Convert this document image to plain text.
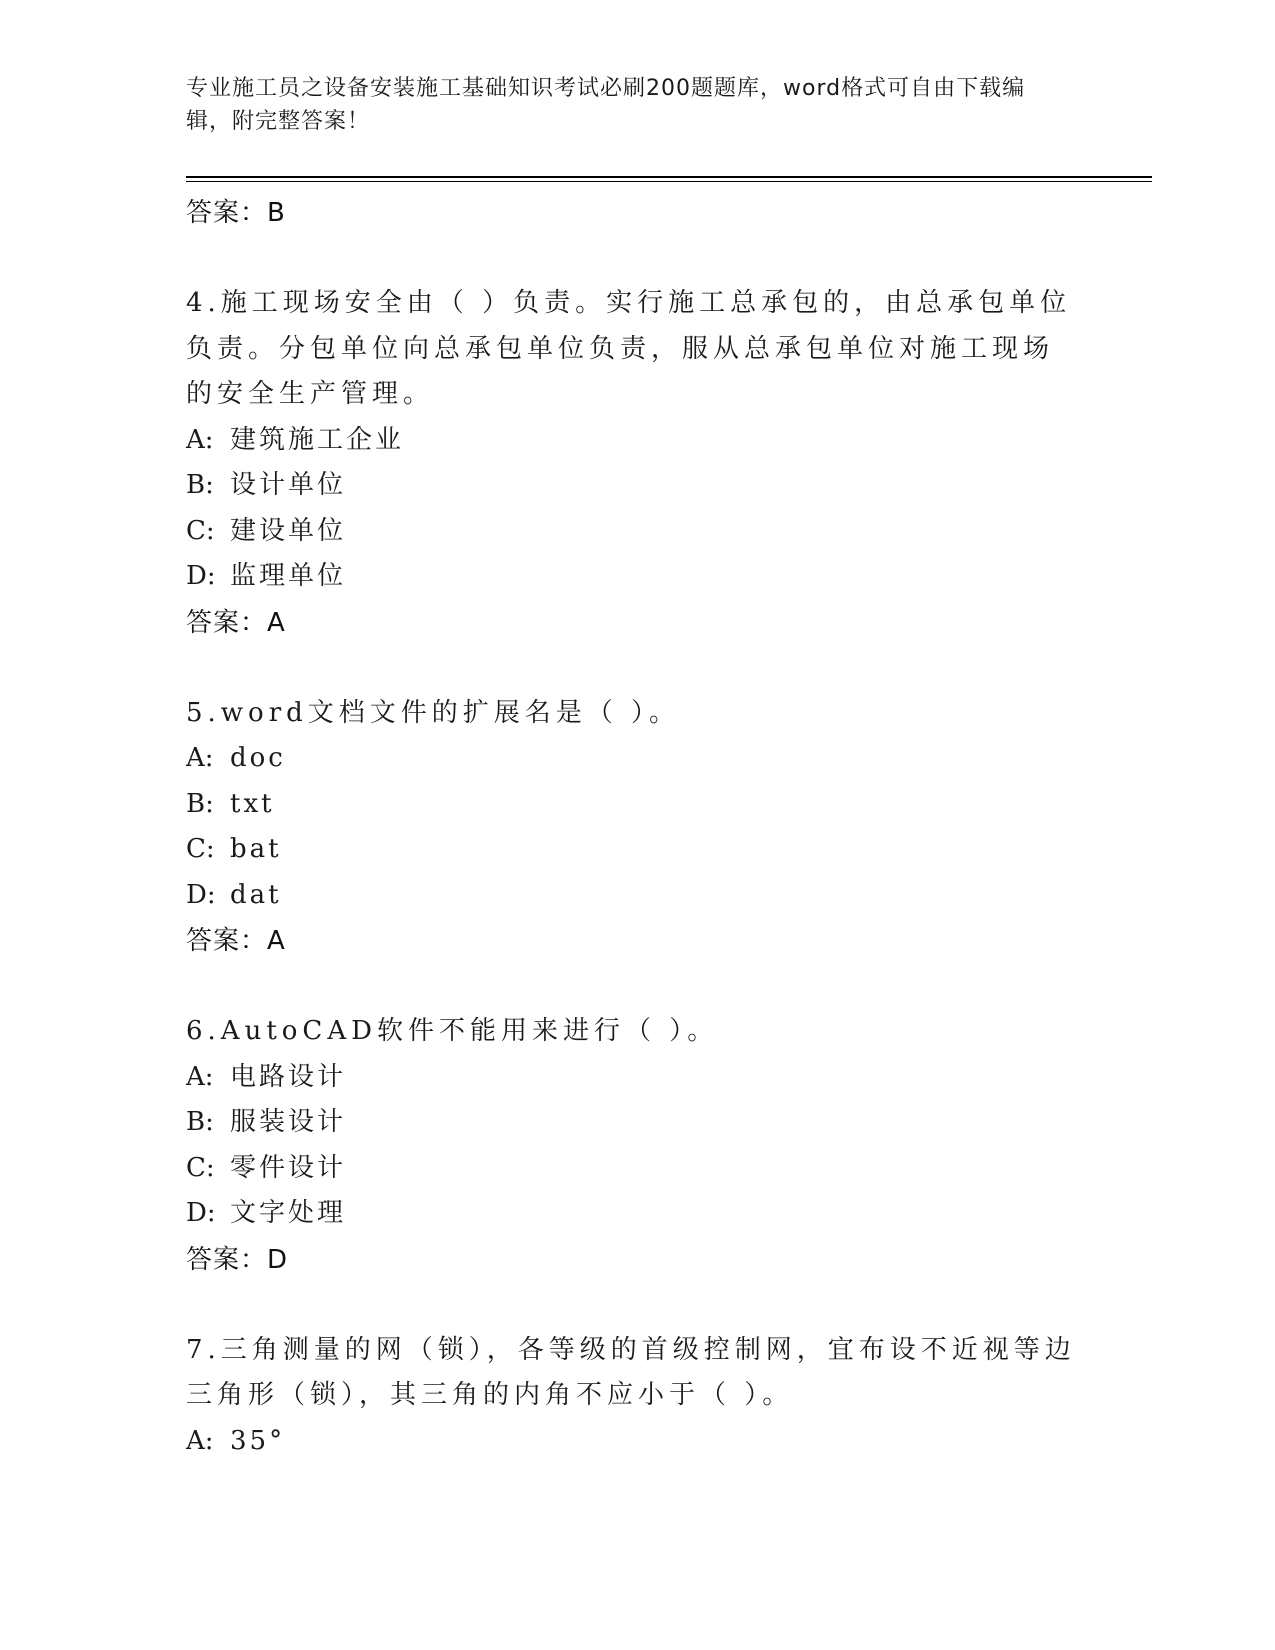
专业施工员之设备安装施工基础知识考试必刷200题题库，word格式可自由下载编辑，附完整答案！
答案：B
4.施工现场安全由（ ）负责。实行施工总承包的，由总承包单位负责。分包单位向总承包单位负责，服从总承包单位对施工现场的安全生产管理。
A: 建筑施工企业
B: 设计单位
C: 建设单位
D: 监理单位
答案：A
5.word文档文件的扩展名是（ ）。
A: doc
B: txt
C: bat
D: dat
答案：A
6.AutoCAD软件不能用来进行（ ）。
A: 电路设计
B: 服装设计
C: 零件设计
D: 文字处理
答案：D
7.三角测量的网（锁），各等级的首级控制网，宜布设不近视等边三角形（锁），其三角的内角不应小于（ ）。
A: 35°
